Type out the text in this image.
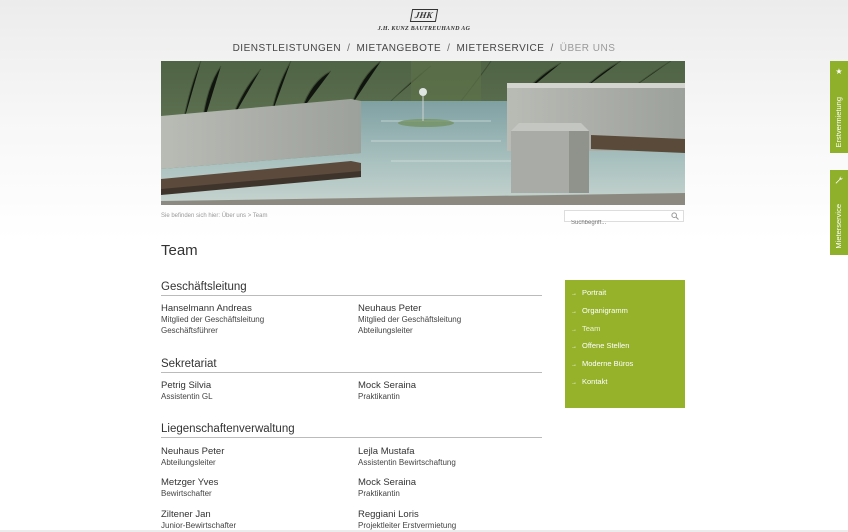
JHK
J.H. KUNZ BAUTREUHAND AG
DIENSTLEISTUNGEN / MIETANGEBOTE / MIETERSERVICE / ÜBER UNS
Sie befinden sich hier: Über uns > Team
Suchbegriff...
Team
Geschäftsleitung
Hanselmann Andreas
Mitglied der Geschäftsleitung
Geschäftsführer
Neuhaus Peter
Mitglied der Geschäftsleitung
Abteilungsleiter
Sekretariat
Petrig Silvia
Assistentin GL
Mock Seraina
Praktikantin
Liegenschaftenverwaltung
Neuhaus Peter
Abteilungsleiter
Lejla Mustafa
Assistentin Bewirtschaftung
Metzger Yves
Bewirtschafter
Mock Seraina
Praktikantin
Ziltener Jan
Junior-Bewirtschafter
Reggiani Loris
Projektleiter Erstvermietung
→ Portrait
→ Organigramm
→ Team
→ Offene Stellen
→ Moderne Büros
→ Kontakt
★
Erstvermietung
Mieterservice
